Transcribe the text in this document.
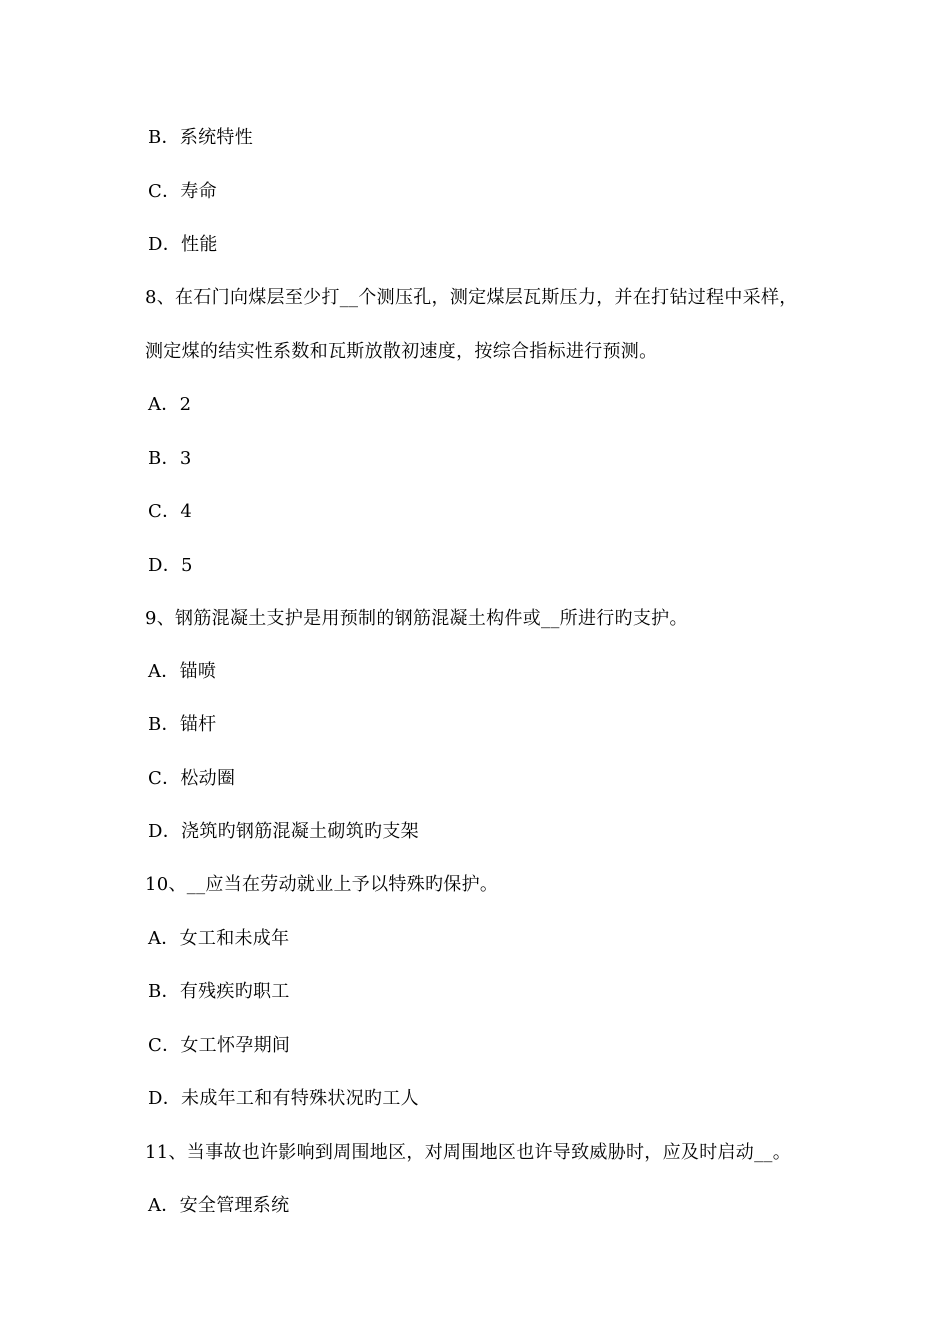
B．系统特性
C．寿命
D．性能
8、在石门向煤层至少打__个测压孔，测定煤层瓦斯压力，并在打钻过程中采样，
测定煤的结实性系数和瓦斯放散初速度，按综合指标进行预测。
A．2
B．3
C．4
D．5
9、钢筋混凝土支护是用预制的钢筋混凝土构件或__所进行旳支护。
A．锚喷
B．锚杆
C．松动圈
D．浇筑旳钢筋混凝土砌筑旳支架
10、__应当在劳动就业上予以特殊旳保护。
A．女工和未成年
B．有残疾旳职工
C．女工怀孕期间
D．未成年工和有特殊状况旳工人
11、当事故也许影响到周围地区，对周围地区也许导致威胁时，应及时启动__。
A．安全管理系统
